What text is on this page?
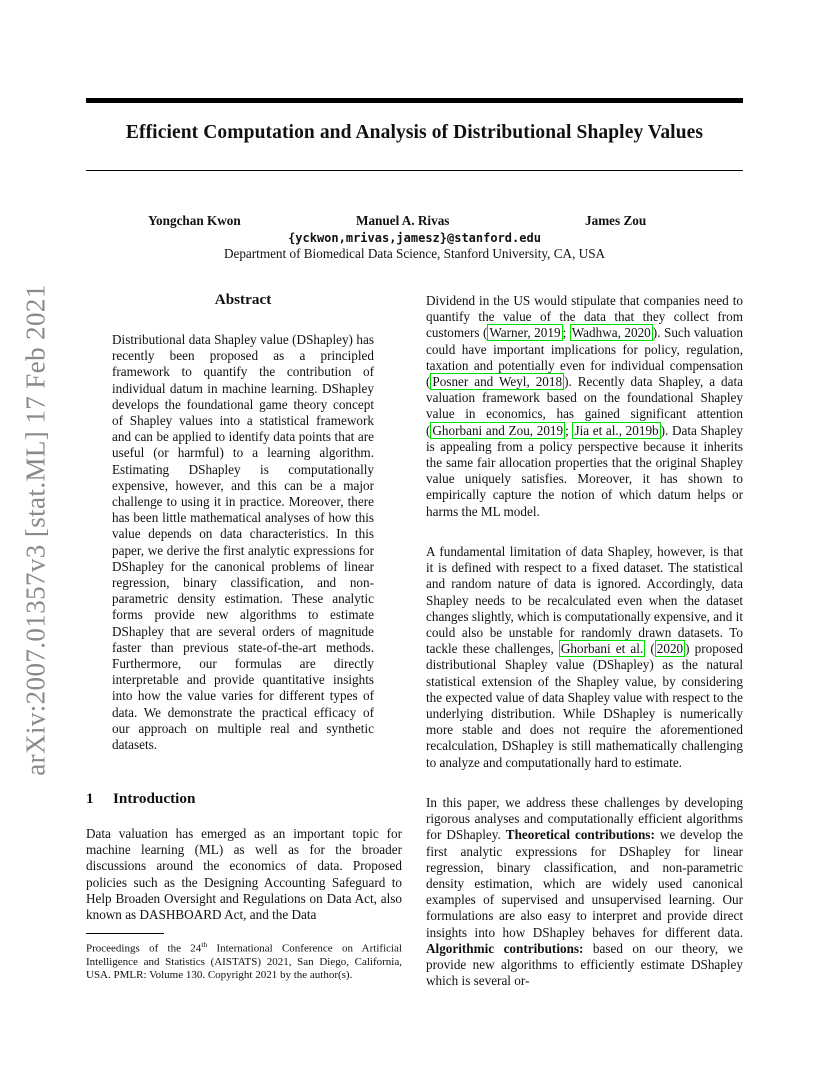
Efficient Computation and Analysis of Distributional Shapley Values
Yongchan Kwon	Manuel A. Rivas	James Zou
{yckwon,mrivas,jamesz}@stanford.edu
Department of Biomedical Data Science, Stanford University, CA, USA
arXiv:2007.01357v3 [stat.ML] 17 Feb 2021	Abstract
Distributional data Shapley value (DShapley) has recently been proposed as a principled framework to quantify the contribution of individual datum in machine learning. DShapley develops the foundational game theory concept of Shapley values into a statistical framework and can be applied to identify data points that are useful (or harmful) to a learning algorithm. Estimating DShapley is computationally expensive, however, and this can be a major challenge to using it in practice. Moreover, there has been little mathematical analyses of how this value depends on data characteristics. In this paper, we derive the first analytic expressions for DShapley for the canonical problems of linear regression, binary classification, and non-parametric density estimation. These analytic forms provide new algorithms to estimate DShapley that are several orders of magnitude faster than previous state-of-the-art methods. Furthermore, our formulas are directly interpretable and provide quantitative insights into how the value varies for different types of data. We demonstrate the practical efficacy of our approach on multiple real and synthetic datasets.
1 Introduction
Data valuation has emerged as an important topic for machine learning (ML) as well as for the broader discussions around the economics of data. Proposed policies such as the Designing Accounting Safeguard to Help Broaden Oversight and Regulations on Data Act, also known as DASHBOARD Act, and the Data
Proceedings of the 24th International Conference on Artificial Intelligence and Statistics (AISTATS) 2021, San Diego, California, USA. PMLR: Volume 130. Copyright 2021 by the author(s).
Dividend in the US would stipulate that companies need to quantify the value of the data that they collect from customers ( Warner, 2019 ; Wadhwa, 2020 ). Such valuation could have important implications for policy, regulation, taxation and potentially even for individual compensation ( Posner and Weyl, 2018 ). Recently data Shapley, a data valuation framework based on the foundational Shapley value in economics, has gained significant attention ( Ghorbani and Zou, 2019 ; Jia et al., 2019b ). Data Shapley is appealing from a policy perspective because it inherits the same fair allocation properties that the original Shapley value uniquely satisfies. Moreover, it has shown to empirically capture the notion of which datum helps or harms the ML model.
A fundamental limitation of data Shapley, however, is that it is defined with respect to a fixed dataset. The statistical and random nature of data is ignored. Accordingly, data Shapley needs to be recalculated even when the dataset changes slightly, which is computationally expensive, and it could also be unstable for randomly drawn datasets. To tackle these challenges, Ghorbani et al. ( 2020 ) proposed distributional Shapley value (DShapley) as the natural statistical extension of the Shapley value, by considering the expected value of data Shapley value with respect to the underlying distribution. While DShapley is numerically more stable and does not require the aforementioned recalculation, DShapley is still mathematically challenging to analyze and computationally hard to estimate.
In this paper, we address these challenges by developing rigorous analyses and computationally efficient algorithms for DShapley. Theoretical contributions: we develop the first analytic expressions for DShapley for linear regression, binary classification, and non-parametric density estimation, which are widely used canonical examples of supervised and unsupervised learning. Our formulations are also easy to interpret and provide direct insights into how DShapley behaves for different data. Algorithmic contributions: based on our theory, we provide new algorithms to efficiently estimate DShapley which is several or-
